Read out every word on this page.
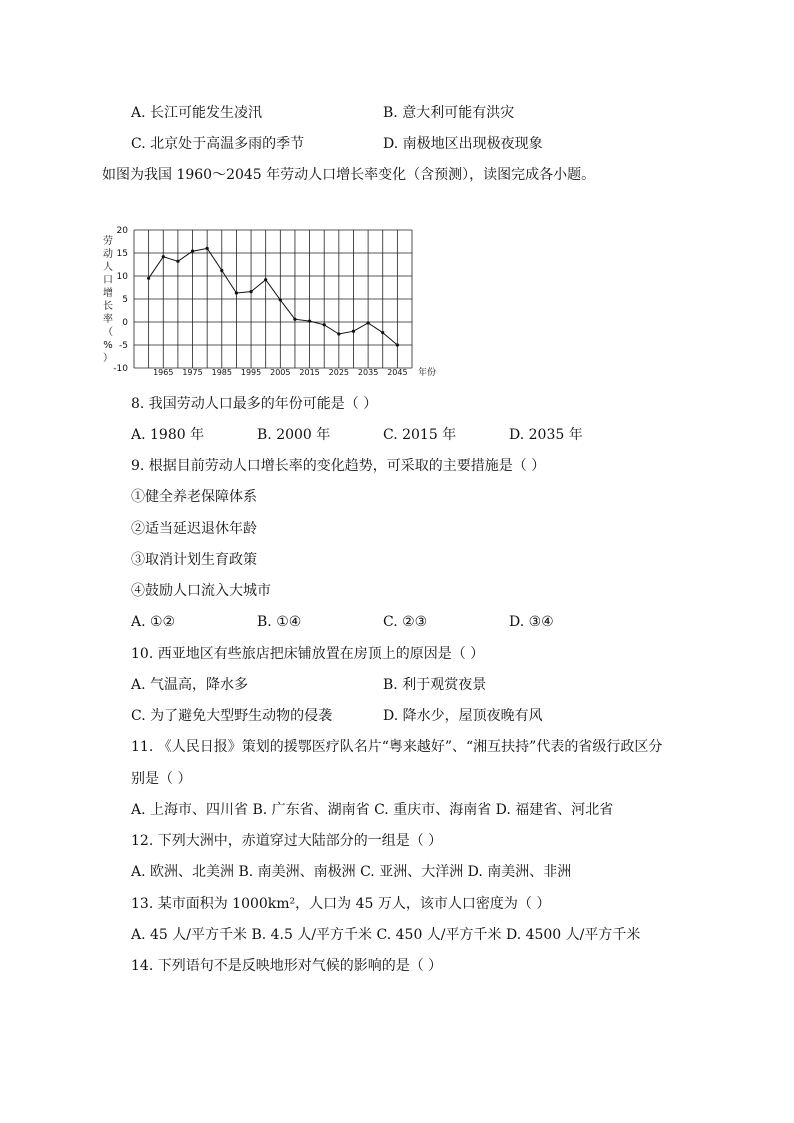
A. 长江可能发生凌汛	B. 意大利可能有洪灾
C. 北京处于高温多雨的季节	D. 南极地区出现极夜现象
如图为我国 1960～2045 年劳动人口增长率变化（含预测），读图完成各小题。
劳
动
人
口
增
长
率
（
%
）
20
15
10
5
0
-5
-10	1965 1975 1985 1995 2005 2015 2025 2035 2045 年份
8. 我国劳动人口最多的年份可能是（ ）
A. 1980 年	B. 2000 年	C. 2015 年	D. 2035 年
9. 根据目前劳动人口增长率的变化趋势，可采取的主要措施是（ ）
①健全养老保障体系
②适当延迟退休年龄
③取消计划生育政策
④鼓励人口流入大城市
A. ①②	B. ①④	C. ②③	D. ③④
10. 西亚地区有些旅店把床铺放置在房顶上的原因是（ ）
A. 气温高，降水多	B. 利于观赏夜景
C. 为了避免大型野生动物的侵袭	D. 降水少，屋顶夜晚有风
11. 《人民日报》策划的援鄂医疗队名片“粤来越好”、“湘互扶持”代表的省级行政区分
别是（ ）
A. 上海市、四川省 B. 广东省、湖南省 C. 重庆市、海南省 D. 福建省、河北省
12. 下列大洲中，赤道穿过大陆部分的一组是（ ）
A. 欧洲、北美洲 B. 南美洲、南极洲 C. 亚洲、大洋洲 D. 南美洲、非洲
13. 某市面积为 1000km²，人口为 45 万人，该市人口密度为（ ）
A. 45 人/平方千米 B. 4.5 人/平方千米 C. 450 人/平方千米 D. 4500 人/平方千米
14. 下列语句不是反映地形对气候的影响的是（ ）
